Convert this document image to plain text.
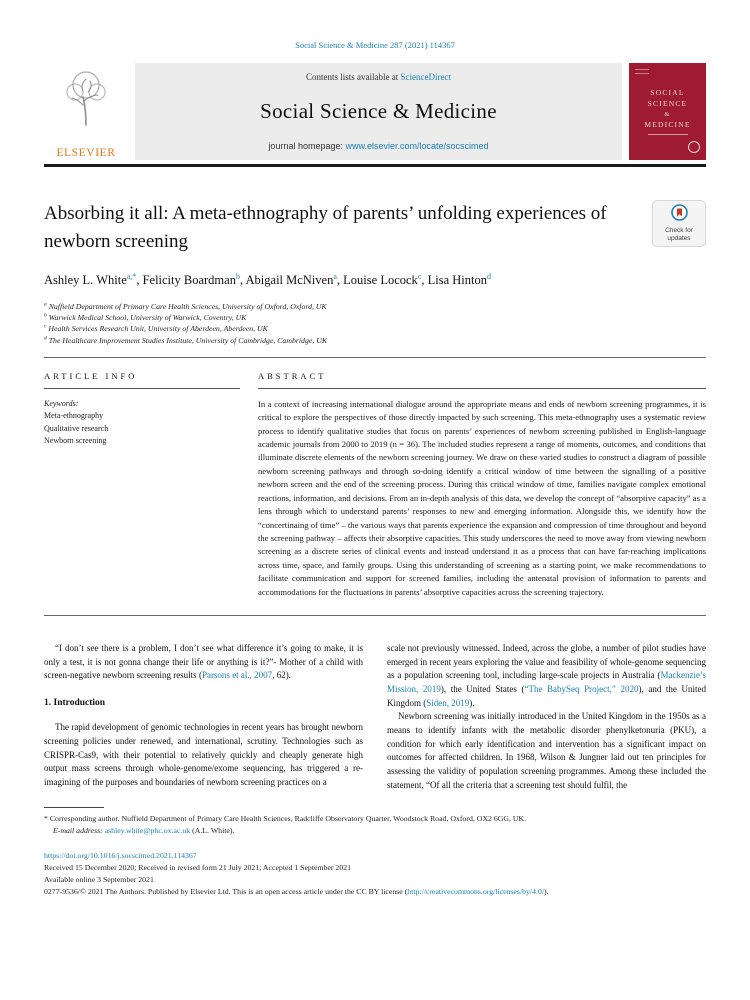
Social Science & Medicine 287 (2021) 114367
ELSEVIER
Contents lists available at ScienceDirect
Social Science & Medicine
journal homepage: www.elsevier.com/locate/socscimed
SOCIAL
SCIENCE
&
MEDICINE
Absorbing it all: A meta-ethnography of parents’ unfolding experiences of newborn screening
Check for updates
Ashley L. White$^{a,*}$ , Felicity Boardman$^b$ , Abigail McNiven$^a$ , Louise Locock$^c$ , Lisa Hinton$^d$
$^a$ Nuffield Department of Primary Care Health Sciences, University of Oxford, Oxford, UK
$^b$ Warwick Medical School, University of Warwick, Coventry, UK
$^c$ Health Services Research Unit, University of Aberdeen, Aberdeen, UK
$^d$ The Healthcare Improvement Studies Institute, University of Cambridge, Cambridge, UK
ARTICLE INFO
Keywords:
Meta-ethnography
Qualitative research
Newborn screening
ABSTRACT
In a context of increasing international dialogue around the appropriate means and ends of newborn screening programmes, it is critical to explore the perspectives of those directly impacted by such screening. This meta-ethnography uses a systematic review process to identify qualitative studies that focus on parents’ experiences of newborn screening published in English-language academic journals from 2000 to 2019 (n = 36). The included studies represent a range of moments, outcomes, and conditions that illuminate discrete elements of the newborn screening journey. We draw on these varied studies to construct a diagram of possible newborn screening pathways and through so-doing identify a critical window of time between the signalling of a positive newborn screen and the end of the screening process. During this critical window of time, families navigate complex emotional reactions, information, and decisions. From an in-depth analysis of this data, we develop the concept of “absorptive capacity” as a lens through which to understand parents’ responses to new and emerging information. Alongside this, we identify how the “concertinaing of time” – the various ways that parents experience the expansion and compression of time throughout and beyond the screening pathway – affects their absorptive capacities. This study underscores the need to move away from viewing newborn screening as a discrete series of clinical events and instead understand it as a process that can have far-reaching implications across time, space, and family groups. Using this understanding of screening as a starting point, we make recommendations to facilitate communication and support for screened families, including the antenatal provision of information to parents and accommodations for the fluctuations in parents’ absorptive capacities across the screening trajectory.

“I don’t see there is a problem, I don’t see what difference it’s going to make, it is only a test, it is not gonna change their life or anything is it?”- Mother of a child with screen-negative newborn screening results (Parsons et al., 2007, 62).

1. Introduction

The rapid development of genomic technologies in recent years has brought newborn screening policies under renewed, and international, scrutiny. Technologies such as CRISPR-Cas9, with their potential to relatively quickly and cheaply generate high output mass screens through whole-genome/exome sequencing, has triggered a re-imagining of the purposes and boundaries of newborn screening practices on a

scale not previously witnessed. Indeed, across the globe, a number of pilot studies have emerged in recent years exploring the value and feasibility of whole-genome sequencing as a population screening tool, including large-scale projects in Australia (Mackenzie’s Mission, 2019), the United States (“The BabySeq Project,” 2020), and the United Kingdom (Siden, 2019).

Newborn screening was initially introduced in the United Kingdom in the 1950s as a means to identify infants with the metabolic disorder phenylketonuria (PKU), a condition for which early identification and intervention has a significant impact on outcomes for affected children. In 1968, Wilson & Jungner laid out ten principles for assessing the validity of population screening programmes. Among these included the statement, “Of all the criteria that a screening test should fulfil, the

* Corresponding author. Nuffield Department of Primary Care Health Sciences, Radcliffe Observatory Quarter, Woodstock Road, Oxford, OX2 6GG, UK.
E-mail address: ashley.white@phc.ox.ac.uk (A.L. White).
https://doi.org/10.1016/j.socscimed.2021.114367
Received 15 December 2020; Received in revised form 21 July 2021; Accepted 1 September 2021
Available online 3 September 2021
0277-9536/© 2021 The Authors. Published by Elsevier Ltd. This is an open access article under the CC BY license (http://creativecommons.org/licenses/by/4.0/).
